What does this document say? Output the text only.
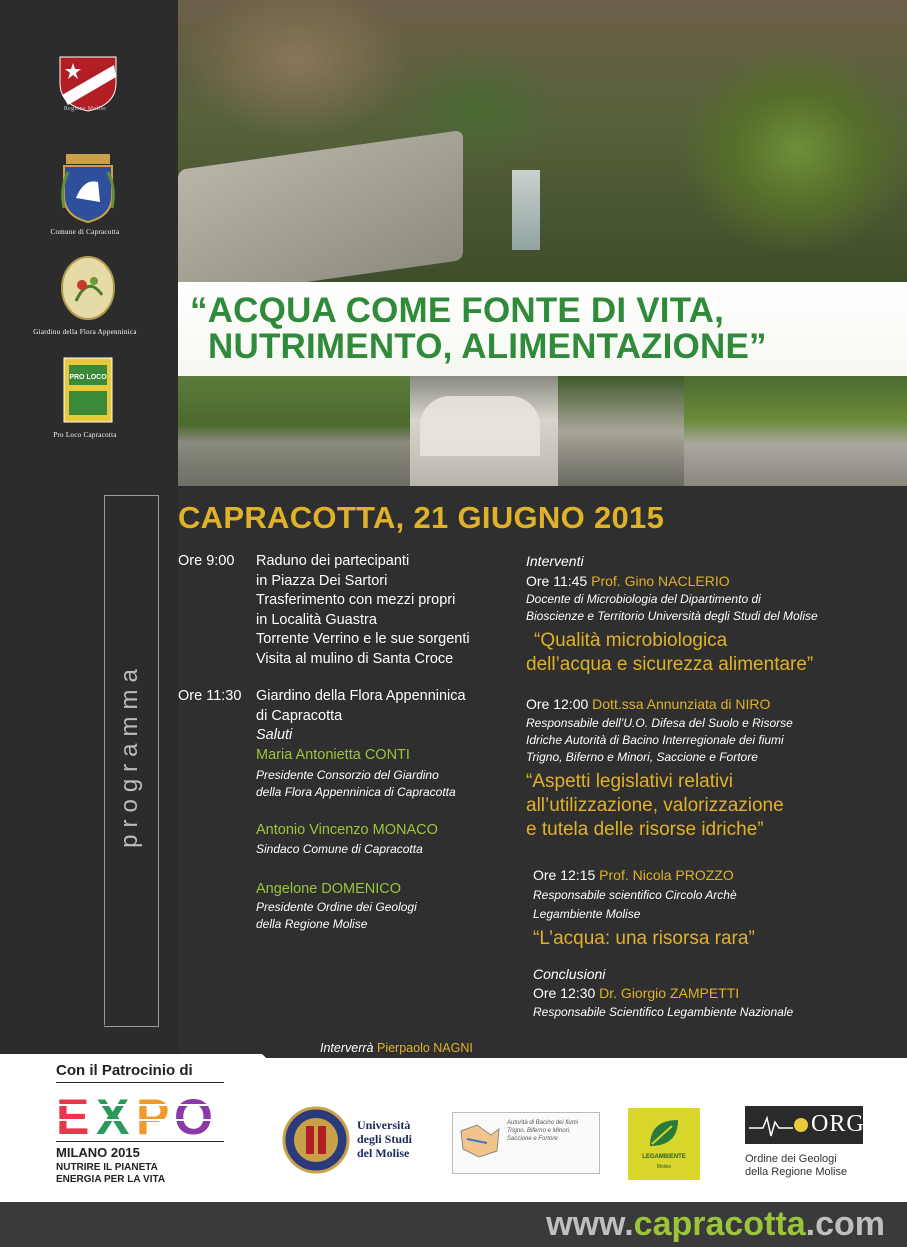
Regione Molise
Comune di Capracotta
Giardino della Flora Appenninica
PRO LOCO
Pro Loco Capracotta
programma
“ACQUA COME FONTE DI VITA,
NUTRIMENTO, ALIMENTAZIONE”
CAPRACOTTA, 21 GIUGNO 2015
Ore 9:00 Raduno dei partecipanti
in Piazza Dei Sartori
Trasferimento con mezzi propri
in Località Guastra
Torrente Verrino e le sue sorgenti
Visita al mulino di Santa Croce
Ore 11:30 Giardino della Flora Appenninica
di Capracotta
Saluti
Maria Antonietta CONTI
Presidente Consorzio del Giardino
della Flora Appenninica di Capracotta
Antonio Vincenzo MONACO
Sindaco Comune di Capracotta
Angelone DOMENICO
Presidente Ordine dei Geologi
della Regione Molise
Interventi
Ore 11:45 Prof. Gino NACLERIO
Docente di Microbiologia del Dipartimento di
Bioscienze e Territorio Università degli Studi del Molise
“Qualità microbiologica
dell’acqua e sicurezza alimentare”
Ore 12:00 Dott.ssa Annunziata di NIRO
Responsabile dell’U.O. Difesa del Suolo e Risorse
Idriche Autorità di Bacino Interregionale dei fiumi
Trigno, Biferno e Minori, Saccione e Fortore
“Aspetti legislativi relativi
all’utilizzazione, valorizzazione
e tutela delle risorse idriche”
Ore 12:15 Prof. Nicola PROZZO
Responsabile scientifico Circolo Archè
Legambiente Molise
“L’acqua: una risorsa rara”
Conclusioni
Ore 12:30 Dr. Giorgio ZAMPETTI
Responsabile Scientifico Legambiente Nazionale
Interverrà Pierpaolo NAGNI
Con il Patrocinio di
E X P O
MILANO 2015
NUTRIRE IL PIANETA
ENERGIA PER LA VITA
Università
degli Studi
del Molise
Autorità di Bacino dei fiumi Trigno, Biferno e Minori, Saccione e Fortore
LEGAMBIENTE
Molise
ORG
Ordine dei Geologi
della Regione Molise
www.capracotta.com
